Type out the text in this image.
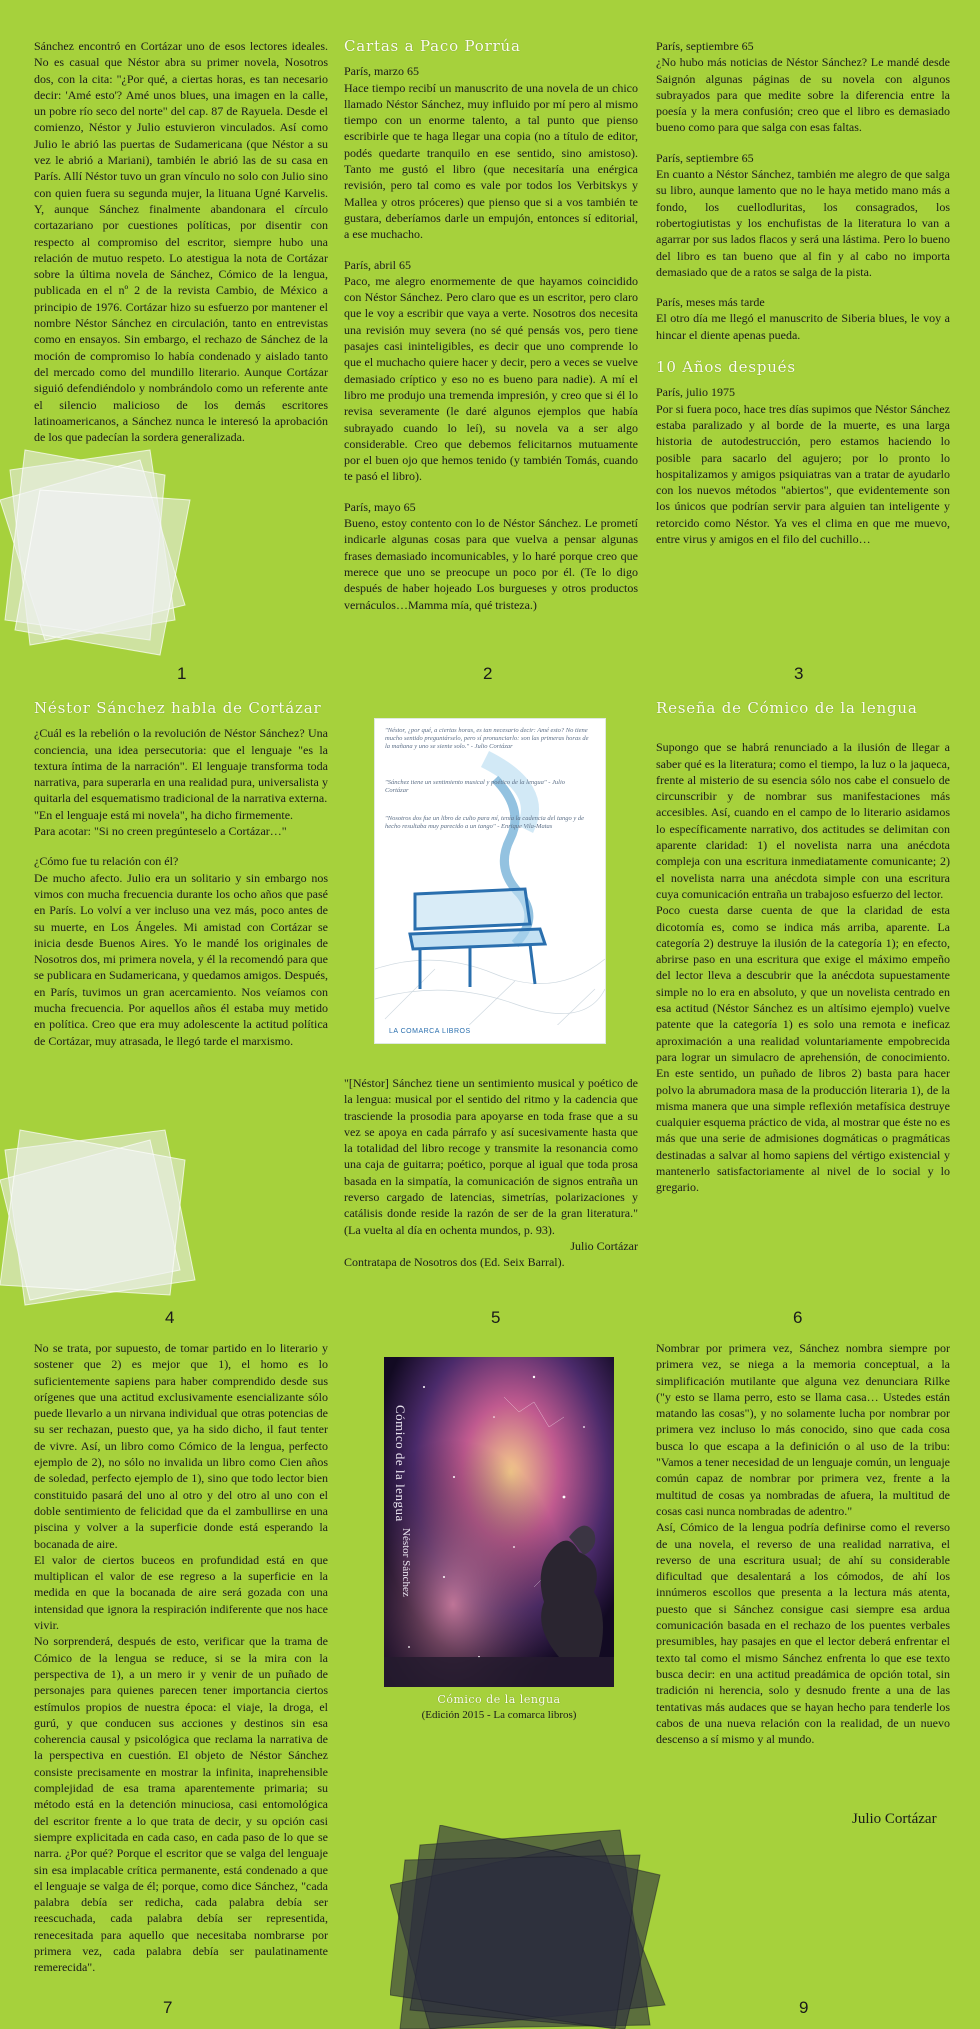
Sánchez encontró en Cortázar uno de esos lectores ideales. No es casual que Néstor abra su primer novela, Nosotros dos, con la cita: "¿Por qué, a ciertas horas, es tan necesario decir: 'Amé esto'? Amé unos blues, una imagen en la calle, un pobre río seco del norte" del cap. 87 de Rayuela. Desde el comienzo, Néstor y Julio estuvieron vinculados. Así como Julio le abrió las puertas de Sudamericana (que Néstor a su vez le abrió a Mariani), también le abrió las de su casa en París. Allí Néstor tuvo un gran vínculo no solo con Julio sino con quien fuera su segunda mujer, la lituana Ugné Karvelis. Y, aunque Sánchez finalmente abandonara el círculo cortazariano por cuestiones políticas, por disentir con respecto al compromiso del escritor, siempre hubo una relación de mutuo respeto. Lo atestigua la nota de Cortázar sobre la última novela de Sánchez, Cómico de la lengua, publicada en el nº 2 de la revista Cambio, de México a principio de 1976. Cortázar hizo su esfuerzo por mantener el nombre Néstor Sánchez en circulación, tanto en entrevistas como en ensayos. Sin embargo, el rechazo de Sánchez de la moción de compromiso lo había condenado y aislado tanto del mercado como del mundillo literario. Aunque Cortázar siguió defendiéndolo y nombrándolo como un referente ante el silencio malicioso de los demás escritores latinoamericanos, a Sánchez nunca le interesó la aprobación de los que padecían la sordera generalizada.

Cartas a Paco Porrúa

París, marzo 65

Hace tiempo recibí un manuscrito de una novela de un chico llamado Néstor Sánchez, muy influido por mí pero al mismo tiempo con un enorme talento, a tal punto que pienso escribirle que te haga llegar una copia (no a título de editor, podés quedarte tranquilo en ese sentido, sino amistoso). Tanto me gustó el libro (que necesitaría una enérgica revisión, pero tal como es vale por todos los Verbitskys y Mallea y otros próceres) que pienso que si a vos también te gustara, deberíamos darle un empujón, entonces sí editorial, a ese muchacho.

París, abril 65

Paco, me alegro enormemente de que hayamos coincidido con Néstor Sánchez. Pero claro que es un escritor, pero claro que le voy a escribir que vaya a verte. Nosotros dos necesita una revisión muy severa (no sé qué pensás vos, pero tiene pasajes casi ininteligibles, es decir que uno comprende lo que el muchacho quiere hacer y decir, pero a veces se vuelve demasiado críptico y eso no es bueno para nadie). A mí el libro me produjo una tremenda impresión, y creo que si él lo revisa severamente (le daré algunos ejemplos que había subrayado cuando lo leí), su novela va a ser algo considerable. Creo que debemos felicitarnos mutuamente por el buen ojo que hemos tenido (y también Tomás, cuando te pasó el libro).

París, mayo 65

Bueno, estoy contento con lo de Néstor Sánchez. Le prometí indicarle algunas cosas para que vuelva a pensar algunas frases demasiado incomunicables, y lo haré porque creo que merece que uno se preocupe un poco por él. (Te lo digo después de haber hojeado Los burgueses y otros productos vernáculos…Mamma mía, qué tristeza.)

París, septiembre 65

¿No hubo más noticias de Néstor Sánchez? Le mandé desde Saignón algunas páginas de su novela con algunos subrayados para que medite sobre la diferencia entre la poesía y la mera confusión; creo que el libro es demasiado bueno como para que salga con esas faltas.

París, septiembre 65

En cuanto a Néstor Sánchez, también me alegro de que salga su libro, aunque lamento que no le haya metido mano más a fondo, los cuellodluritas, los consagrados, los robertogiutistas y los enchufistas de la literatura lo van a agarrar por sus lados flacos y será una lástima. Pero lo bueno del libro es tan bueno que al fin y al cabo no importa demasiado que de a ratos se salga de la pista.

París, meses más tarde

El otro día me llegó el manuscrito de Siberia blues, le voy a hincar el diente apenas pueda.

10 Años después

París, julio 1975

Por si fuera poco, hace tres días supimos que Néstor Sánchez estaba paralizado y al borde de la muerte, es una larga historia de autodestrucción, pero estamos haciendo lo posible para sacarlo del agujero; por lo pronto lo hospitalizamos y amigos psiquiatras van a tratar de ayudarlo con los nuevos métodos "abiertos", que evidentemente son los únicos que podrían servir para alguien tan inteligente y retorcido como Néstor. Ya ves el clima en que me muevo, entre virus y amigos en el filo del cuchillo…

1	2	3
Néstor Sánchez habla de Cortázar

¿Cuál es la rebelión o la revolución de Néstor Sánchez? Una conciencia, una idea persecutoria: que el lenguaje "es la textura íntima de la narración". El lenguaje transforma toda narrativa, para superarla en una realidad pura, universalista y quitarla del esquematismo tradicional de la narrativa externa.

"En el lenguaje está mi novela", ha dicho firmemente.

Para acotar: "Si no creen pregúnteselo a Cortázar…"

¿Cómo fue tu relación con él?

De mucho afecto. Julio era un solitario y sin embargo nos vimos con mucha frecuencia durante los ocho años que pasé en París. Lo volví a ver incluso una vez más, poco antes de su muerte, en Los Ángeles. Mi amistad con Cortázar se inicia desde Buenos Aires. Yo le mandé los originales de Nosotros dos, mi primera novela, y él la recomendó para que se publicara en Sudamericana, y quedamos amigos. Después, en París, tuvimos un gran acercamiento. Nos veíamos con mucha frecuencia. Por aquellos años él estaba muy metido en política. Creo que era muy adolescente la actitud política de Cortázar, muy atrasada, le llegó tarde el marxismo.

"Néstor, ¿por qué, a ciertas horas, es tan necesario decir: Amé esto? No tiene mucho sentido preguntárselo, pero sí pronunciarlo: son las primeras horas de la mañana y uno se siente solo." - Julio Cortázar
"Sánchez tiene un sentimiento musical y poético de la lengua" - Julio Cortázar
"Nosotros dos fue un libro de culto para mí, tenía la cadencia del tango y de hecho resultaba muy parecido a un tango" - Enrique Vila-Matas
LA COMARCA LIBROS

"[Néstor] Sánchez tiene un sentimiento musical y poético de la lengua: musical por el sentido del ritmo y la cadencia que trasciende la prosodia para apoyarse en toda frase que a su vez se apoya en cada párrafo y así sucesivamente hasta que la totalidad del libro recoge y transmite la resonancia como una caja de guitarra; poético, porque al igual que toda prosa basada en la simpatía, la comunicación de signos entraña un reverso cargado de latencias, simetrías, polarizaciones y catálisis donde reside la razón de ser de la gran literatura." (La vuelta al día en ochenta mundos, p. 93).

Julio Cortázar

Contratapa de Nosotros dos (Ed. Seix Barral).

Reseña de Cómico de la lengua

Supongo que se habrá renunciado a la ilusión de llegar a saber qué es la literatura; como el tiempo, la luz o la jaqueca, frente al misterio de su esencia sólo nos cabe el consuelo de circunscribir y de nombrar sus manifestaciones más accesibles. Así, cuando en el campo de lo literario asidamos lo específicamente narrativo, dos actitudes se delimitan con aparente claridad: 1) el novelista narra una anécdota compleja con una escritura inmediatamente comunicante; 2) el novelista narra una anécdota simple con una escritura cuya comunicación entraña un trabajoso esfuerzo del lector.

Poco cuesta darse cuenta de que la claridad de esta dicotomía es, como se indica más arriba, aparente. La categoría 2) destruye la ilusión de la categoría 1); en efecto, abrirse paso en una escritura que exige el máximo empeño del lector lleva a descubrir que la anécdota supuestamente simple no lo era en absoluto, y que un novelista centrado en esa actitud (Néstor Sánchez es un altísimo ejemplo) vuelve patente que la categoría 1) es solo una remota e ineficaz aproximación a una realidad voluntariamente empobrecida para lograr un simulacro de aprehensión, de conocimiento. En este sentido, un puñado de libros 2) basta para hacer polvo la abrumadora masa de la producción literaria 1), de la misma manera que una simple reflexión metafísica destruye cualquier esquema práctico de vida, al mostrar que éste no es más que una serie de admisiones dogmáticas o pragmáticas destinadas a salvar al homo sapiens del vértigo existencial y mantenerlo satisfactoriamente al nivel de lo social y lo gregario.

4	5	6

No se trata, por supuesto, de tomar partido en lo literario y sostener que 2) es mejor que 1), el homo es lo suficientemente sapiens para haber comprendido desde sus orígenes que una actitud exclusivamente esencializante sólo puede llevarlo a un nirvana individual que otras potencias de su ser rechazan, puesto que, ya ha sido dicho, il faut tenter de vivre. Así, un libro como Cómico de la lengua, perfecto ejemplo de 2), no sólo no invalida un libro como Cien años de soledad, perfecto ejemplo de 1), sino que todo lector bien constituido pasará del uno al otro y del otro al uno con el doble sentimiento de felicidad que da el zambullirse en una piscina y volver a la superficie donde está esperando la bocanada de aire.

El valor de ciertos buceos en profundidad está en que multiplican el valor de ese regreso a la superficie en la medida en que la bocanada de aire será gozada con una intensidad que ignora la respiración indiferente que nos hace vivir.

No sorprenderá, después de esto, verificar que la trama de Cómico de la lengua se reduce, si se la mira con la perspectiva de 1), a un mero ir y venir de un puñado de personajes para quienes parecen tener importancia ciertos estímulos propios de nuestra época: el viaje, la droga, el gurú, y que conducen sus acciones y destinos sin esa coherencia causal y psicológica que reclama la narrativa de la perspectiva en cuestión. El objeto de Néstor Sánchez consiste precisamente en mostrar la infinita, inaprehensible complejidad de esa trama aparentemente primaria; su método está en la detención minuciosa, casi entomológica del escritor frente a lo que trata de decir, y su opción casi siempre explicitada en cada caso, en cada paso de lo que se narra. ¿Por qué? Porque el escritor que se valga del lenguaje sin esa implacable crítica permanente, está condenado a que el lenguaje se valga de él; porque, como dice Sánchez, "cada palabra debía ser redicha, cada palabra debía ser reescuchada, cada palabra debía ser representida, renecesitada para aquello que necesitaba nombrarse por primera vez, cada palabra debía ser paulatinamente remerecida".

Cómico de la lengua
Néstor Sánchez
Cómico de la lengua
(Edición 2015 - La comarca libros)

Nombrar por primera vez, Sánchez nombra siempre por primera vez, se niega a la memoria conceptual, a la simplificación mutilante que alguna vez denunciara Rilke ("y esto se llama perro, esto se llama casa… Ustedes están matando las cosas"), y no solamente lucha por nombrar por primera vez incluso lo más conocido, sino que cada cosa busca lo que escapa a la definición o al uso de la tribu: "Vamos a tener necesidad de un lenguaje común, un lenguaje común capaz de nombrar por primera vez, frente a la multitud de cosas ya nombradas de afuera, la multitud de cosas casi nunca nombradas de adentro."

Así, Cómico de la lengua podría definirse como el reverso de una novela, el reverso de una realidad narrativa, el reverso de una escritura usual; de ahí su considerable dificultad que desalentará a los cómodos, de ahí los innúmeros escollos que presenta a la lectura más atenta, puesto que si Sánchez consigue casi siempre esa ardua comunicación basada en el rechazo de los puentes verbales presumibles, hay pasajes en que el lector deberá enfrentar el texto tal como el mismo Sánchez enfrenta lo que ese texto busca decir: en una actitud preadámica de opción total, sin tradición ni herencia, solo y desnudo frente a una de las tentativas más audaces que se hayan hecho para tenderle los cabos de una nueva relación con la realidad, de un nuevo descenso a sí mismo y al mundo.

Julio Cortázar
7	9
